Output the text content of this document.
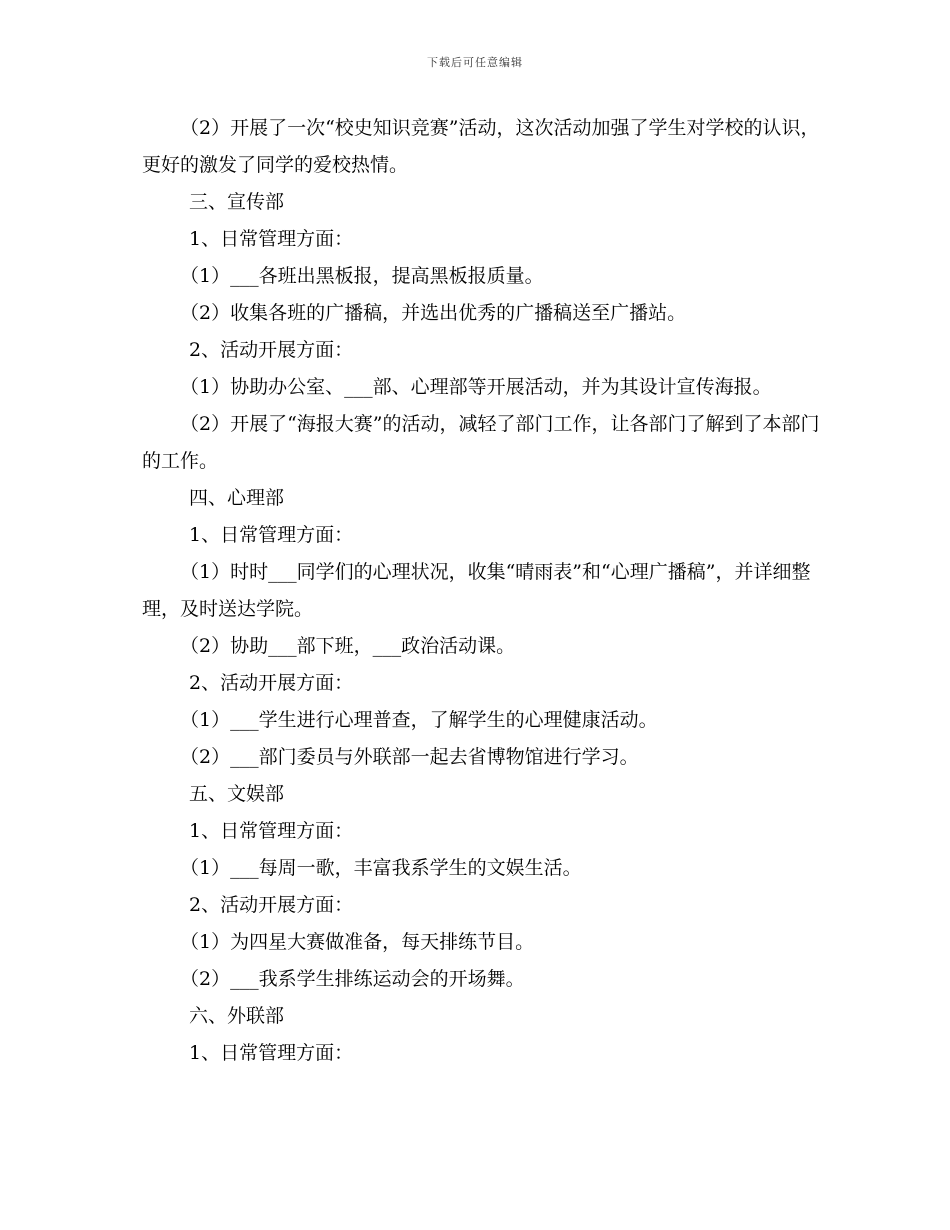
下载后可任意编辑

（2）开展了一次“校史知识竞赛”活动，这次活动加强了学生对学校的认识，更好的激发了同学的爱校热情。

三、宣传部

1、日常管理方面：

（1）___各班出黑板报，提高黑板报质量。

（2）收集各班的广播稿，并选出优秀的广播稿送至广播站。

2、活动开展方面：

（1）协助办公室、___部、心理部等开展活动，并为其设计宣传海报。

（2）开展了“海报大赛”的活动，减轻了部门工作，让各部门了解到了本部门的工作。

四、心理部

1、日常管理方面：

（1）时时___同学们的心理状况，收集“晴雨表”和“心理广播稿”，并详细整理，及时送达学院。

（2）协助___部下班，___政治活动课。

2、活动开展方面：

（1）___学生进行心理普查，了解学生的心理健康活动。

（2）___部门委员与外联部一起去省博物馆进行学习。

五、文娱部

1、日常管理方面：

（1）___每周一歌，丰富我系学生的文娱生活。

2、活动开展方面：

（1）为四星大赛做准备，每天排练节目。

（2）___我系学生排练运动会的开场舞。

六、外联部

1、日常管理方面：
